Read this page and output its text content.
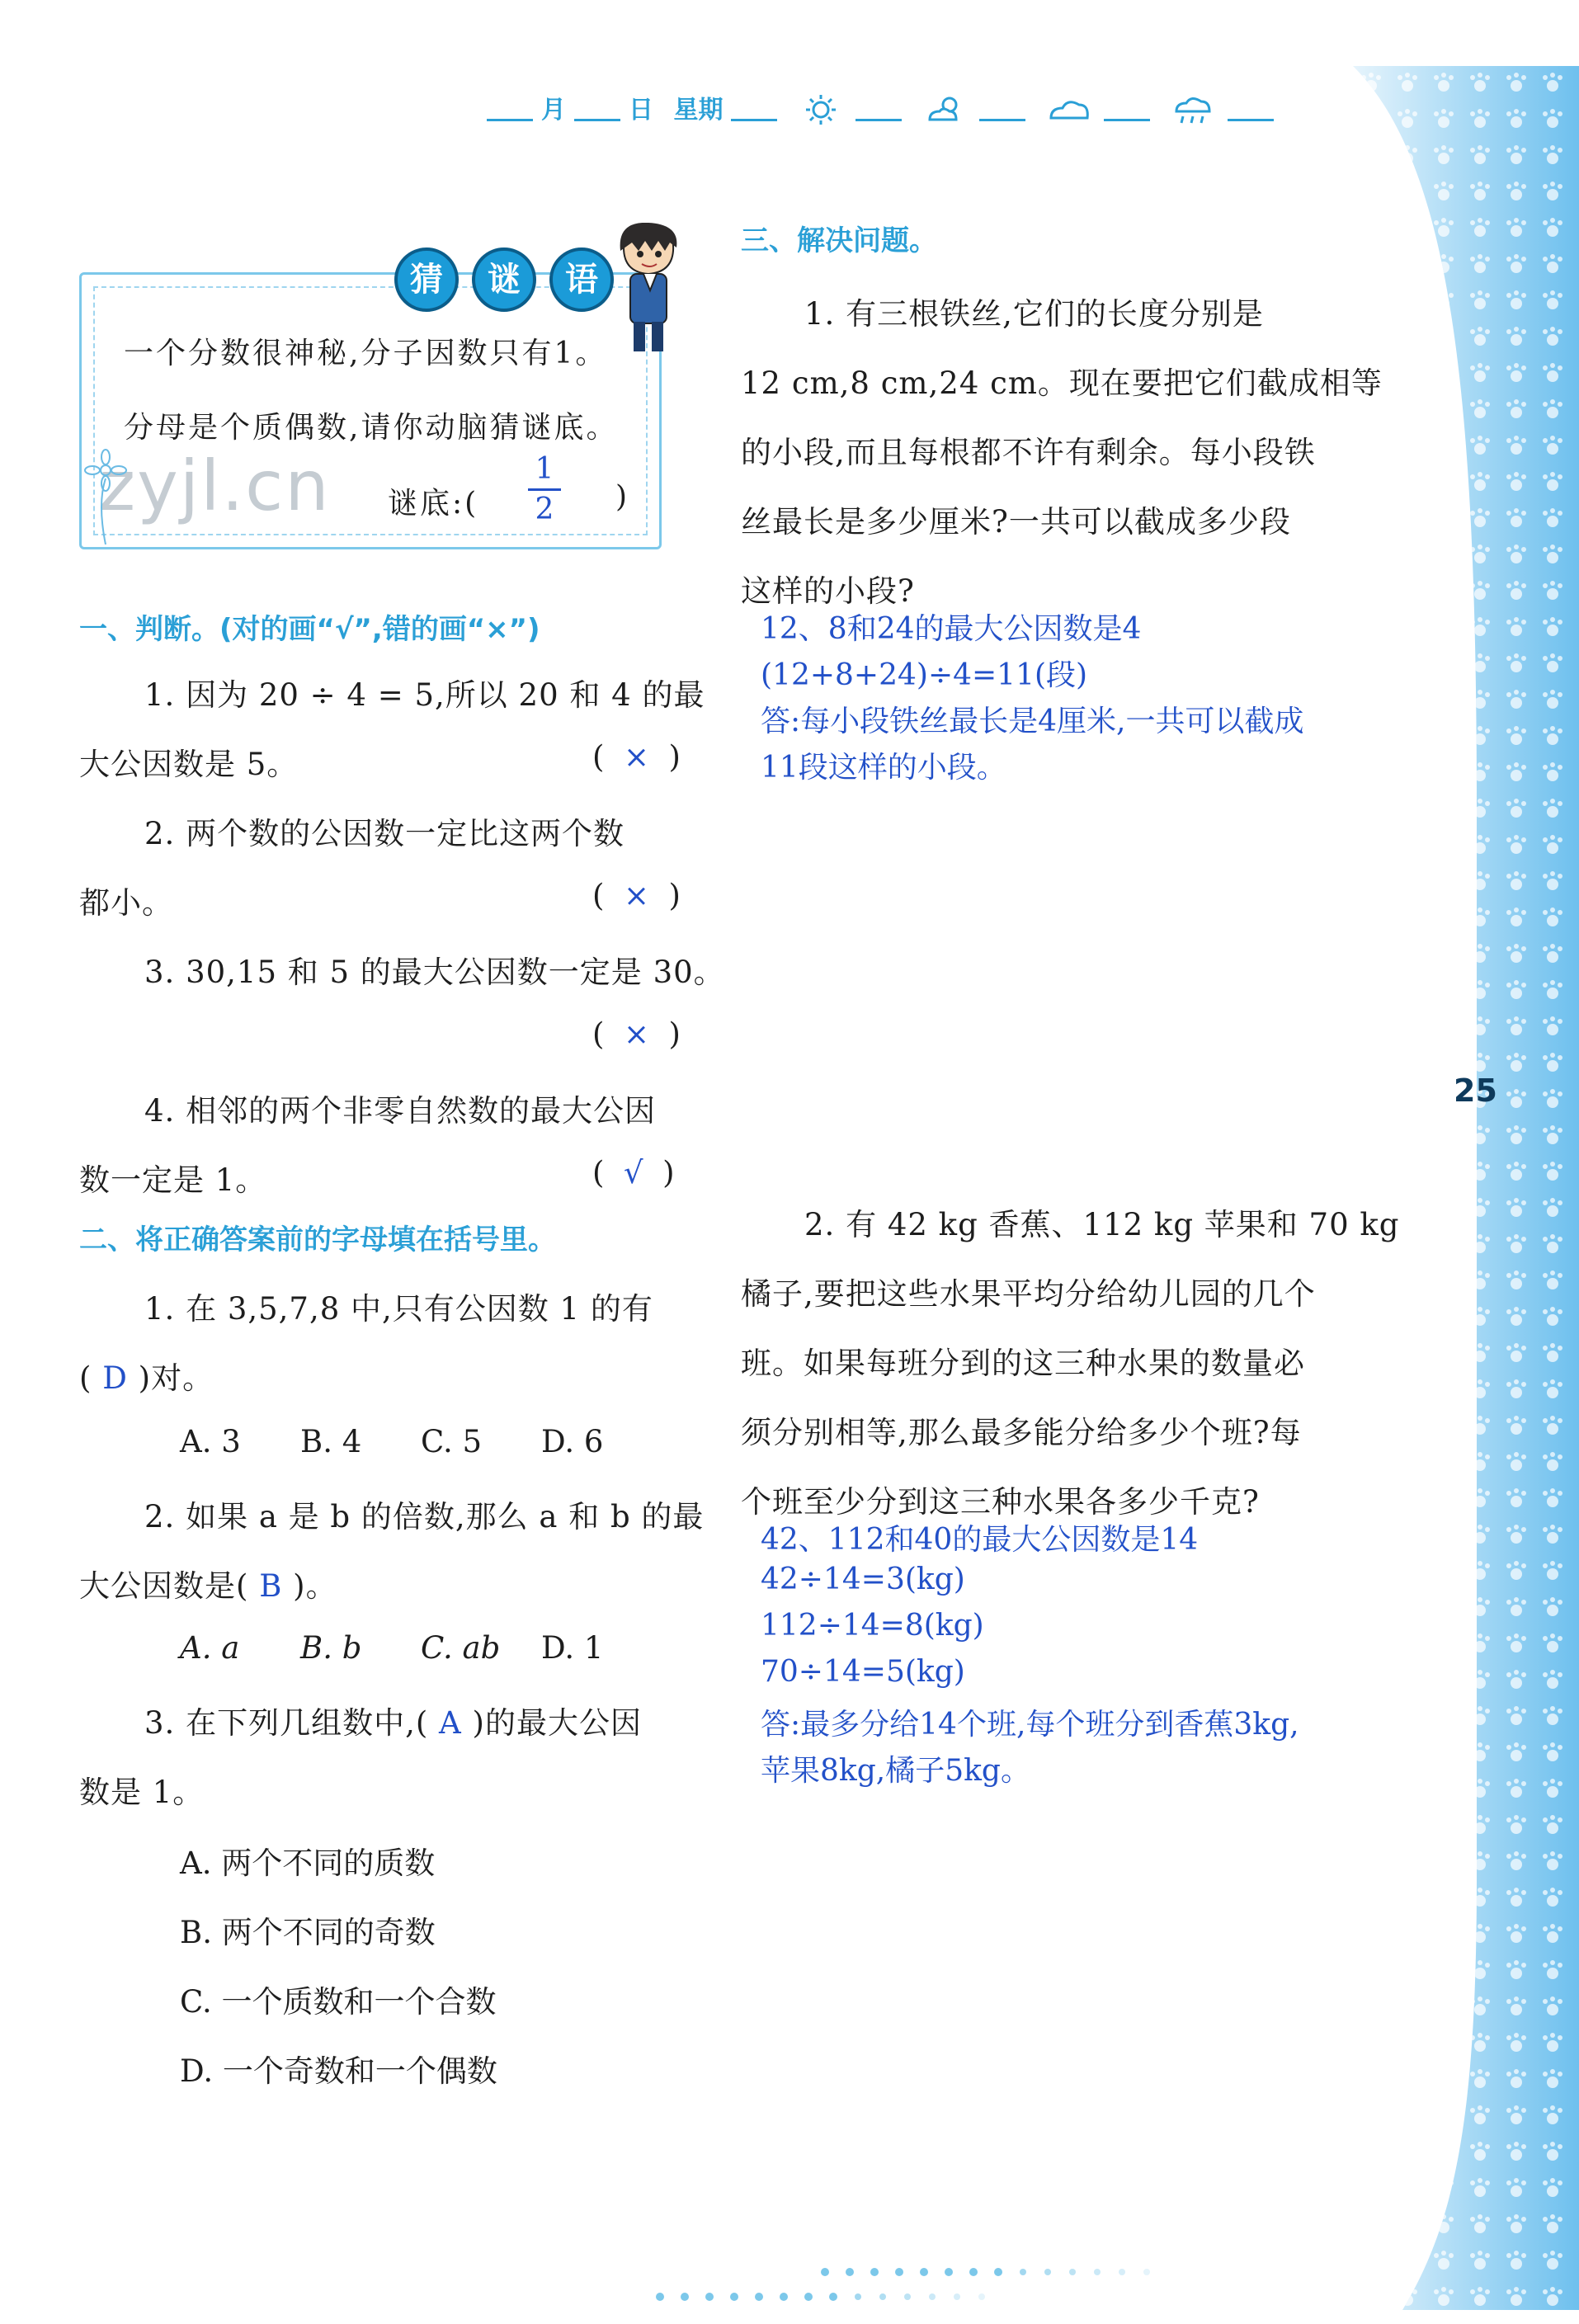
25
月	日 星期
猜	谜	语
一个分数很神秘,分子因数只有1。
分母是个质偶数,请你动脑猜谜底。
zyjl.cn 谜底:(
1
2 )
一、判断。(对的画“√”,错的画“×”)
1. 因为 20 ÷ 4 = 5,所以 20 和 4 的最
大公因数是 5。	(  ×  )
2. 两个数的公因数一定比这两个数
都小。	(  ×  )
3. 30,15 和 5 的最大公因数一定是 30。
(  ×  )
4. 相邻的两个非零自然数的最大公因
数一定是 1。	(  √  )
二、将正确答案前的字母填在括号里。
1. 在 3,5,7,8 中,只有公因数 1 的有
( D )对。
A. 3 B. 4 C. 5 D. 6
2. 如果 a 是 b 的倍数,那么 a 和 b 的最
大公因数是( B )。
A. a B. b C. ab D. 1
3. 在下列几组数中,( A )的最大公因
数是 1。
A. 两个不同的质数
B. 两个不同的奇数
C. 一个质数和一个合数
D. 一个奇数和一个偶数
三、解决问题。
1. 有三根铁丝,它们的长度分别是
12 cm,8 cm,24 cm。现在要把它们截成相等
的小段,而且每根都不许有剩余。每小段铁
丝最长是多少厘米?一共可以截成多少段
这样的小段?
12、8和24的最大公因数是4
(12+8+24)÷4=11(段)
答:每小段铁丝最长是4厘米,一共可以截成
11段这样的小段。
2. 有 42 kg 香蕉、112 kg 苹果和 70 kg
橘子,要把这些水果平均分给幼儿园的几个
班。如果每班分到的这三种水果的数量必
须分别相等,那么最多能分给多少个班?每
个班至少分到这三种水果各多少千克?
42、112和40的最大公因数是14
42÷14=3(kg)
112÷14=8(kg)
70÷14=5(kg)
答:最多分给14个班,每个班分到香蕉3kg,
苹果8kg,橘子5kg。
